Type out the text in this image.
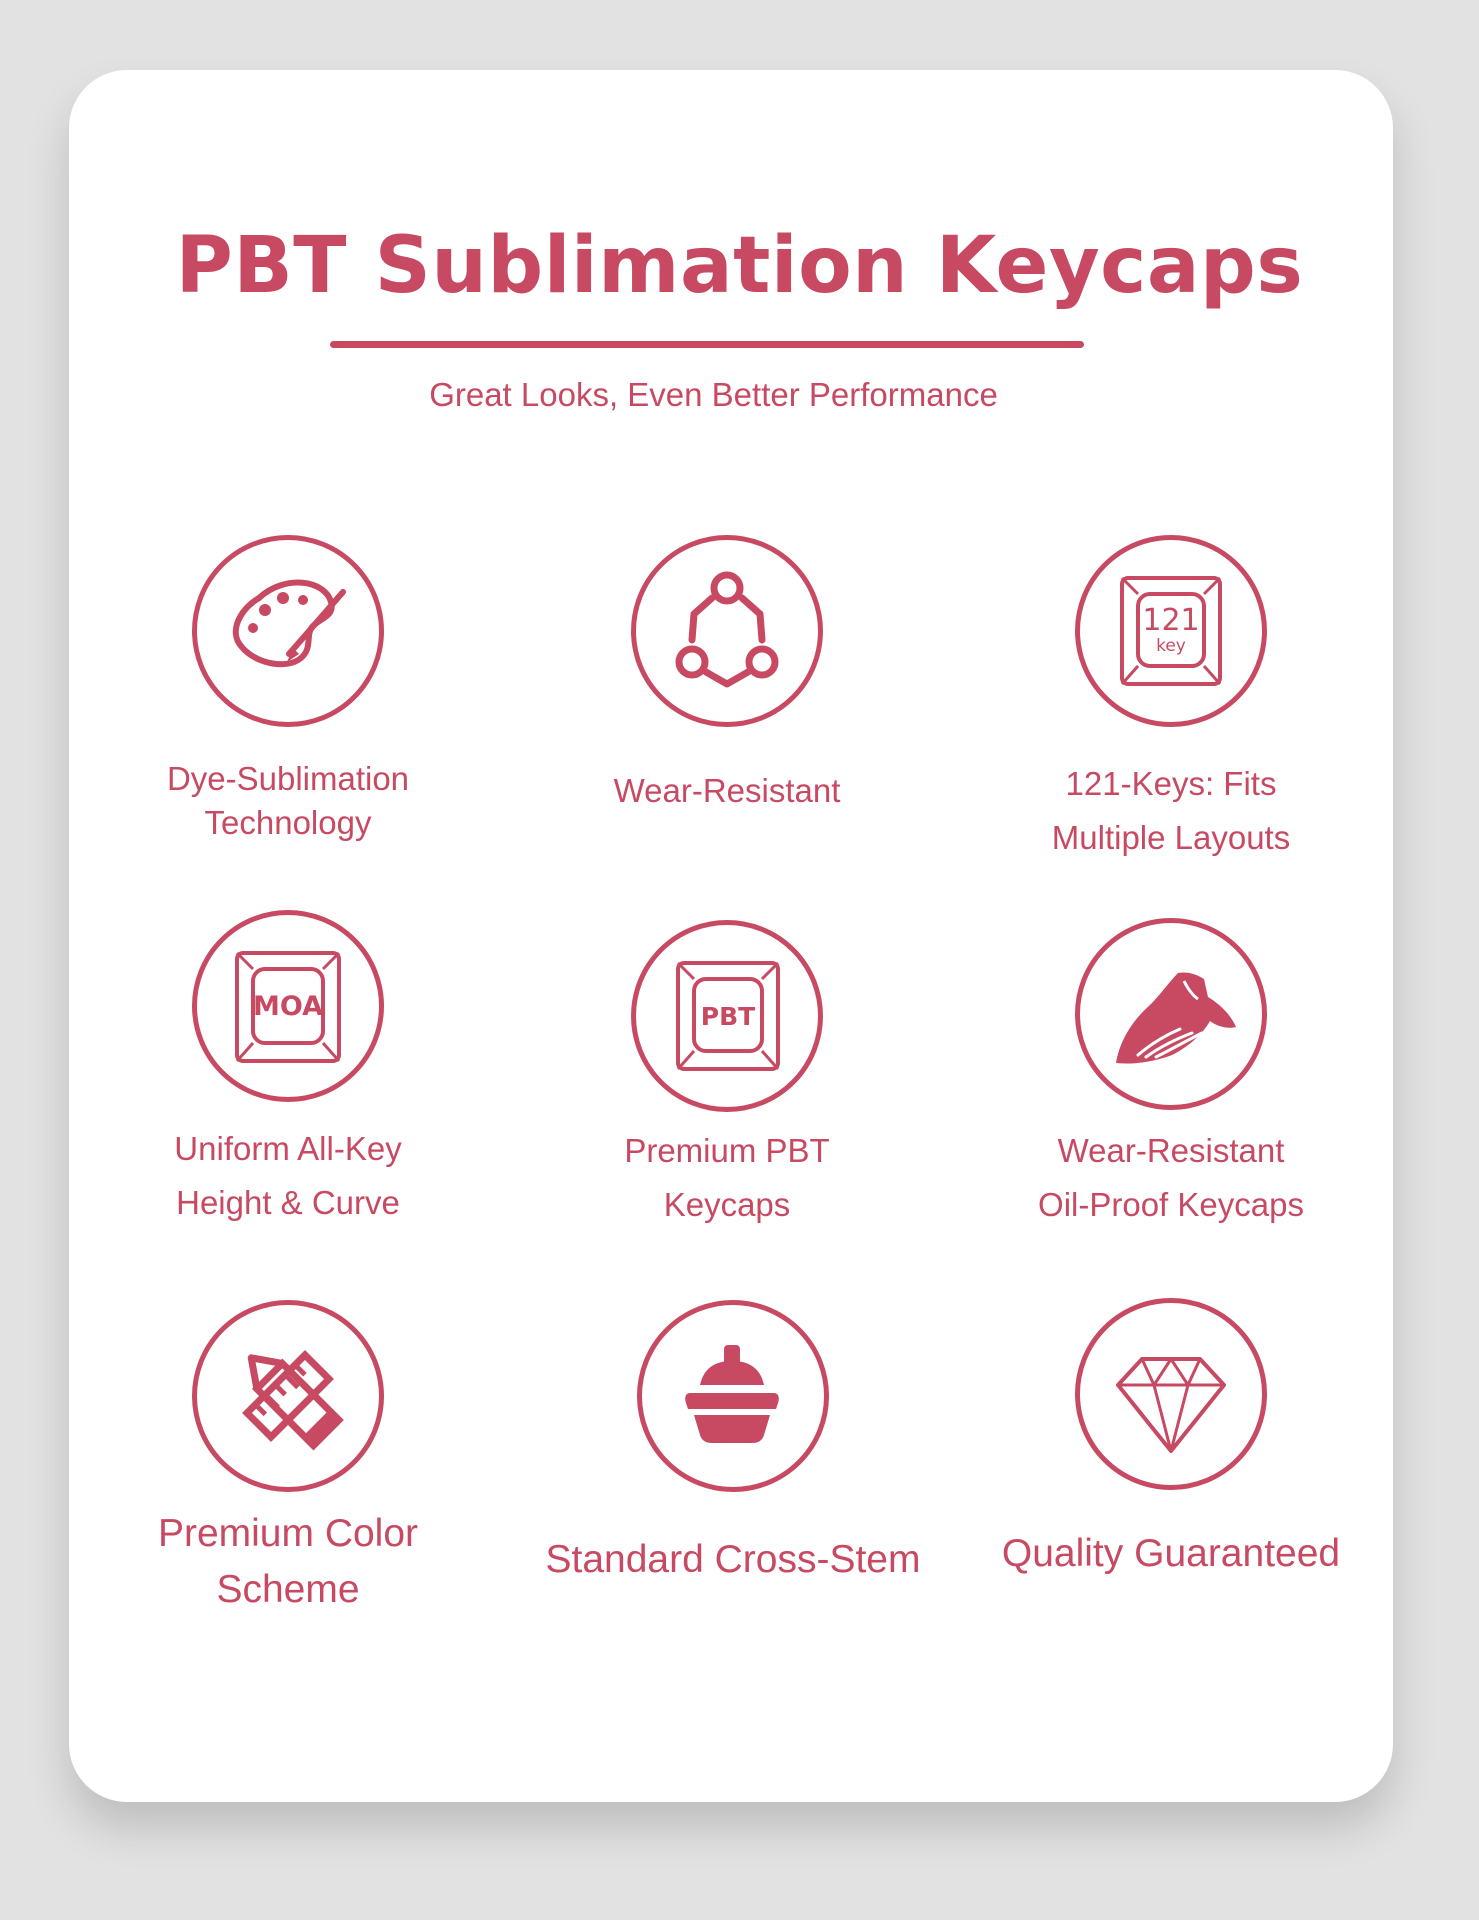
PBT Sublimation Keycaps
Great Looks, Even Better Performance
Dye-Sublimation
Technology
Wear-Resistant
121
key
121-Keys: Fits
Multiple Layouts
MOA
Uniform All-Key
Height & Curve
PBT
Premium PBT
Keycaps
Wear-Resistant
Oil-Proof Keycaps
Premium Color
Scheme
Standard Cross-Stem	Quality Guaranteed
